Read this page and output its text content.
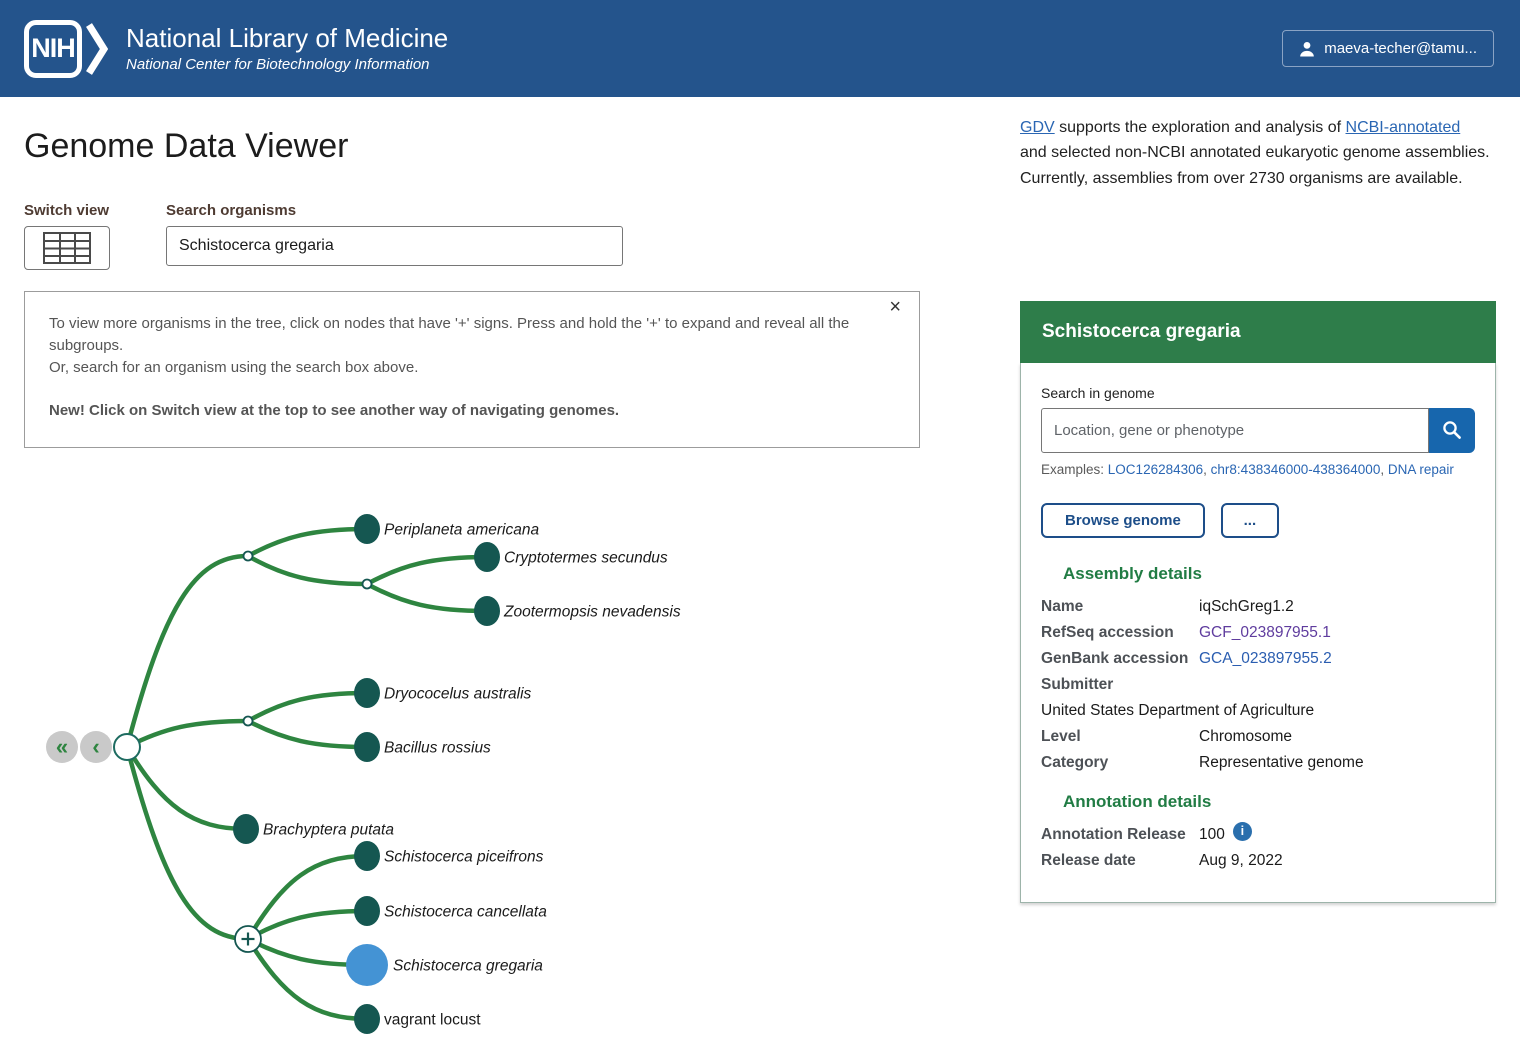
NIH National Library of Medicine
National Center for Biotechnology Information
maeva-techer@tamu...
Genome Data Viewer
Switch view	Search organisms
Schistocerca gregaria
×

To view more organisms in the tree, click on nodes that have '+' signs. Press and hold the '+' to expand and reveal all the subgroups.

Or, search for an organism using the search box above.

New! Click on Switch view at the top to see another way of navigating genomes.

Periplaneta americana
Cryptotermes secundus
Zootermopsis nevadensis
Dryococelus australis
Bacillus rossius
Brachyptera putata
Schistocerca piceifrons
Schistocerca cancellata
Schistocerca gregaria
vagrant locust
« ‹

GDV supports the exploration and analysis of NCBI-annotated and selected non-NCBI annotated eukaryotic genome assemblies. Currently, assemblies from over 2730 organisms are available.

Schistocerca gregaria
Search in genome
Location, gene or phenotype
Examples: LOC126284306, chr8:438346000-438364000, DNA repair
Browse genome	...
Assembly details
Name	iqSchGreg1.2
RefSeq accession	GCF_023897955.1
GenBank accession GCA_023897955.2
Submitter
United States Department of Agriculture
Level	Chromosome
Category	Representative genome
Annotation details
Annotation Release 100	i
Release date	Aug 9, 2022
